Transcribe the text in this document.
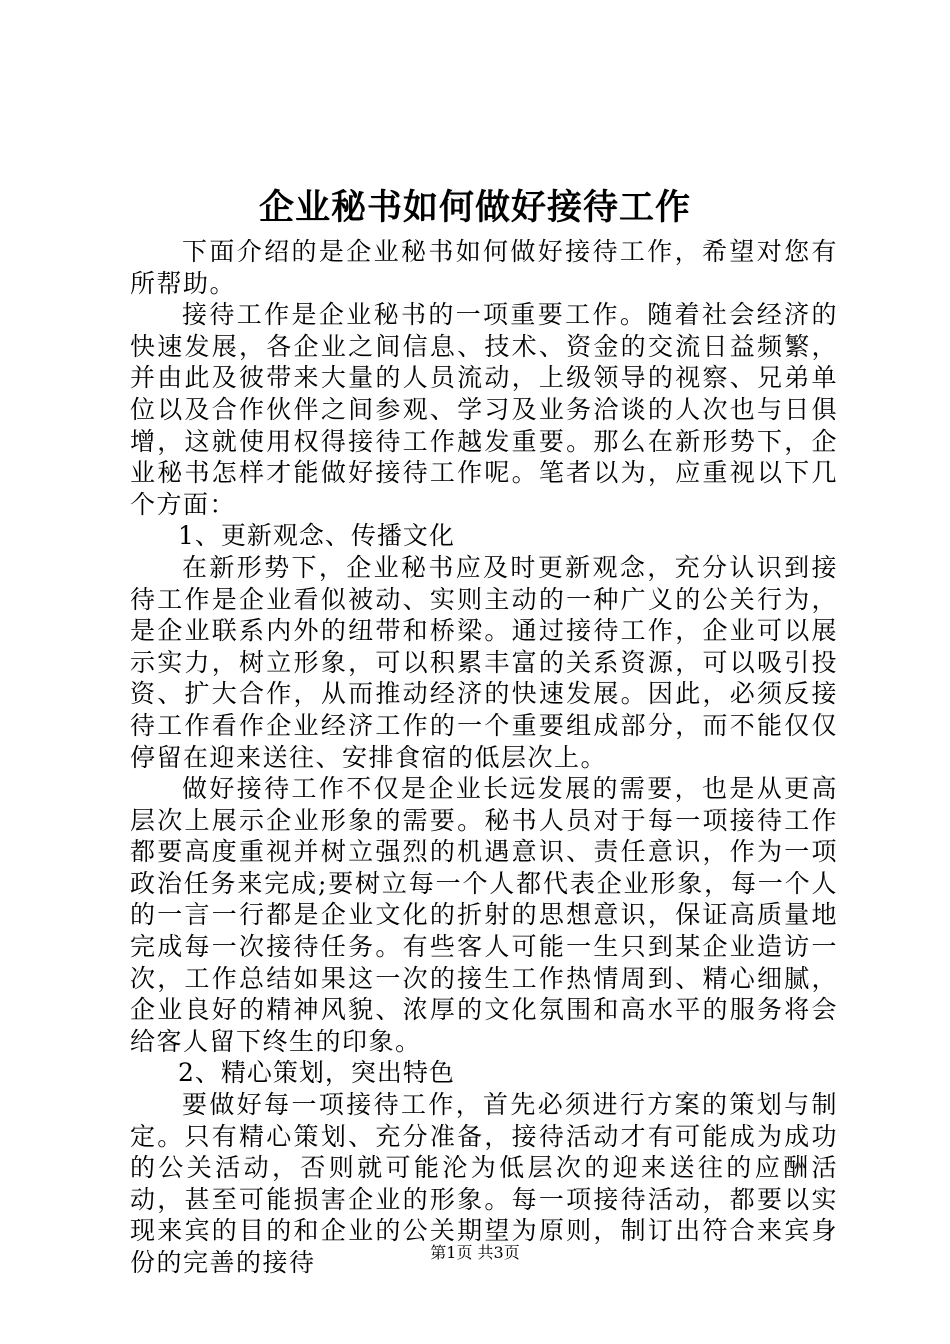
企业秘书如何做好接待工作

下面介绍的是企业秘书如何做好接待工作，希望对您有所帮助。

接待工作是企业秘书的一项重要工作。随着社会经济的快速发展，各企业之间信息、技术、资金的交流日益频繁，并由此及彼带来大量的人员流动，上级领导的视察、兄弟单位以及合作伙伴之间参观、学习及业务洽谈的人次也与日俱增，这就使用权得接待工作越发重要。那么在新形势下，企业秘书怎样才能做好接待工作呢。笔者以为，应重视以下几个方面：

1、更新观念、传播文化

在新形势下，企业秘书应及时更新观念，充分认识到接待工作是企业看似被动、实则主动的一种广义的公关行为，是企业联系内外的纽带和桥梁。通过接待工作，企业可以展示实力，树立形象，可以积累丰富的关系资源，可以吸引投资、扩大合作，从而推动经济的快速发展。因此，必须反接待工作看作企业经济工作的一个重要组成部分，而不能仅仅停留在迎来送往、安排食宿的低层次上。

做好接待工作不仅是企业长远发展的需要，也是从更高层次上展示企业形象的需要。秘书人员对于每一项接待工作都要高度重视并树立强烈的机遇意识、责任意识，作为一项政治任务来完成;要树立每一个人都代表企业形象，每一个人的一言一行都是企业文化的折射的思想意识，保证高质量地完成每一次接待任务。有些客人可能一生只到某企业造访一次，工作总结如果这一次的接生工作热情周到、精心细腻，企业良好的精神风貌、浓厚的文化氛围和高水平的服务将会给客人留下终生的印象。

2、精心策划，突出特色

要做好每一项接待工作，首先必须进行方案的策划与制定。只有精心策划、充分准备，接待活动才有可能成为成功的公关活动，否则就可能沦为低层次的迎来送往的应酬活动，甚至可能损害企业的形象。每一项接待活动，都要以实现来宾的目的和企业的公关期望为原则，制订出符合来宾身份的完善的接待	第1页 共3页
